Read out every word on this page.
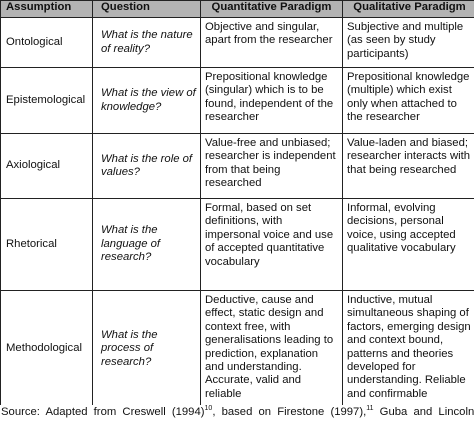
Assumption	Question	Quantitative Paradigm	Qualitative Paradigm
Ontological	What is the nature of reality?	Objective and singular, apart from the researcher	Subjective and multiple (as seen by study participants)
Epistemological	What is the view of knowledge?	Prepositional knowledge (singular) which is to be found, independent of the researcher	Prepositional knowledge (multiple) which exist only when attached to the researcher
Axiological	What is the role of values?	Value-free and unbiased; researcher is independent from that being researched	Value-laden and biased; researcher interacts with that being researched
Rhetorical	What is the language of research?	Formal, based on set definitions, with impersonal voice and use of accepted quantitative vocabulary	Informal, evolving decisions, personal voice, using accepted qualitative vocabulary
Methodological	What is the process of research?	Deductive, cause and effect, static design and context free, with generalisations leading to prediction, explanation and understanding. Accurate, valid and reliable	Inductive, mutual simultaneous shaping of factors, emerging design and context bound, patterns and theories developed for understanding. Reliable and confirmable
Source: Adapted from Creswell $(1994)^{10}$, based on Firestone (1997),$^{11}$ Guba and Lincoln
